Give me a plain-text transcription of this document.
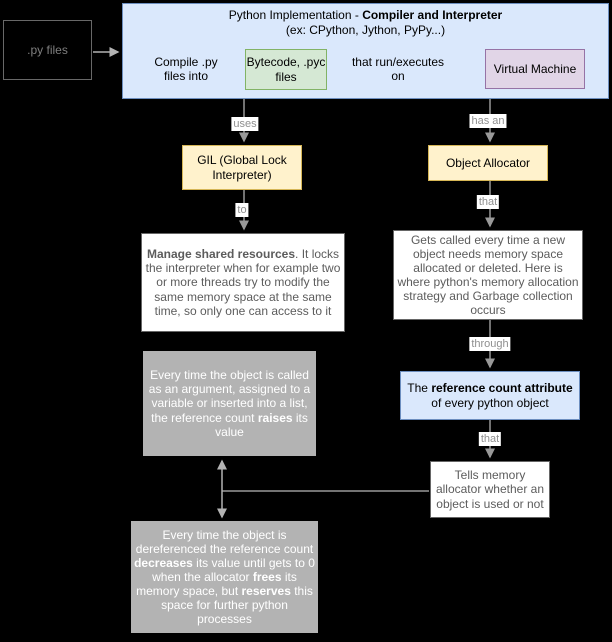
.py files
Python Implementation - Compiler and Interpreter
(ex: CPython, Jython, PyPy...)
Compile .py files into
Bytecode, .pyc files
that run/executes on
Virtual Machine
GIL (Global Lock Interpreter)
Object Allocator
Manage shared resources. It locks the interpreter when for example two or more threads try to modify the same memory space at the same time, so only one can access to it
Gets called every time a new object needs memory space allocated or deleted. Here is where python's memory allocation strategy and Garbage collection occurs
The reference count attribute of every python object
Tells memory allocator whether an object is used or not
Every time the object is called as an argument, assigned to a variable or inserted into a list, the reference count raises its value
Every time the object is dereferenced the reference count decreases its value until gets to 0 when the allocator frees its memory space, but reserves this space for further python processes
uses
to
has an
that
through
that
